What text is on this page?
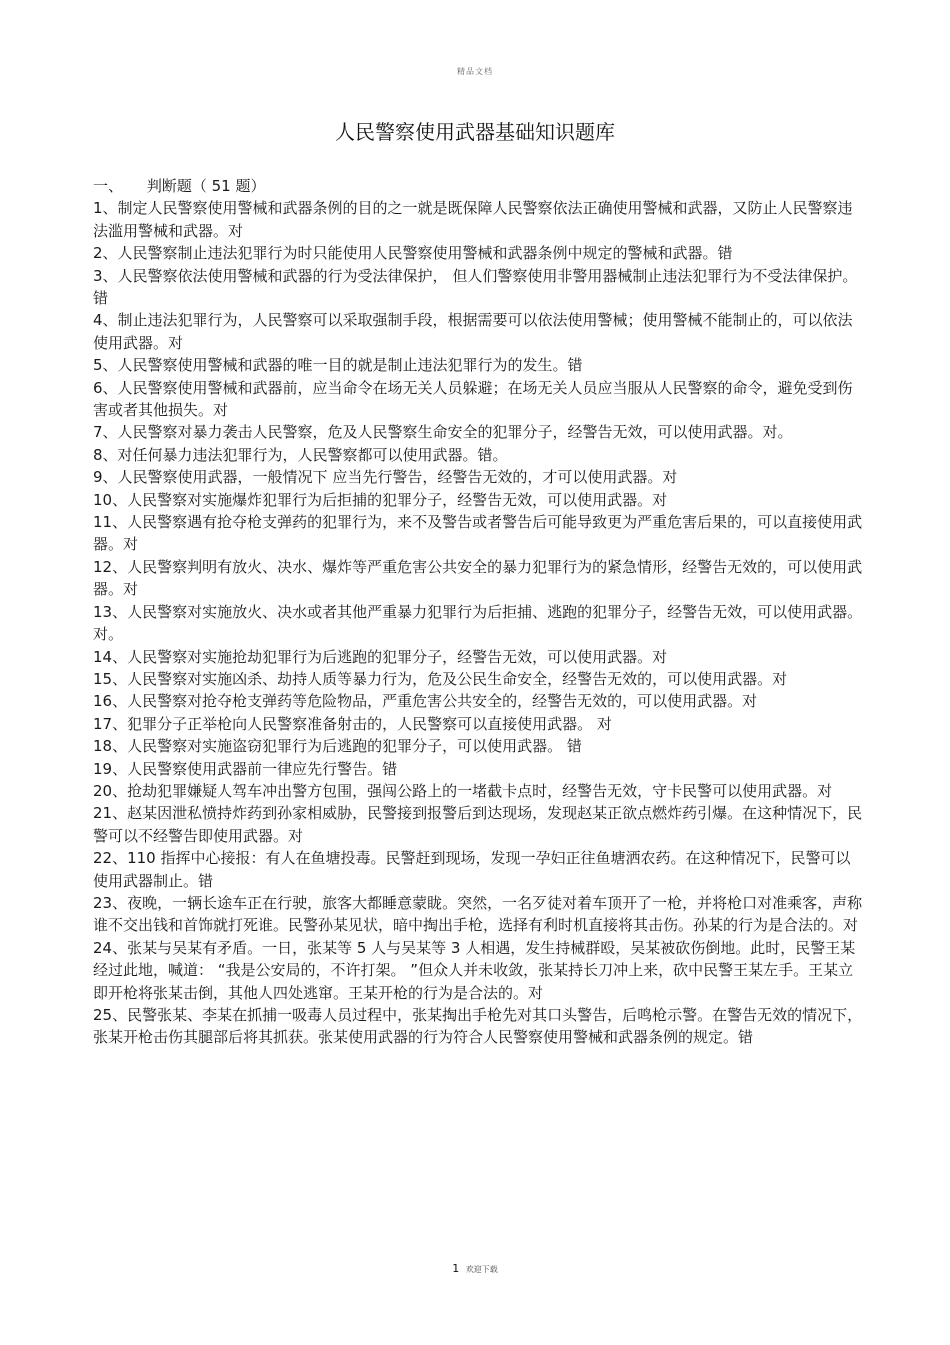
精品文档
人民警察使用武器基础知识题库
一、     判断题（ 51 题）
1、制定人民警察使用警械和武器条例的目的之一就是既保障人民警察依法正确使用警械和武器，又防止人民警察违法滥用警械和武器。对
2、人民警察制止违法犯罪行为时只能使用人民警察使用警械和武器条例中规定的警械和武器。错
3、人民警察依法使用警械和武器的行为受法律保护， 但人们警察使用非警用器械制止违法犯罪行为不受法律保护。错
4、制止违法犯罪行为，人民警察可以采取强制手段，根据需要可以依法使用警械；使用警械不能制止的，可以依法使用武器。对
5、人民警察使用警械和武器的唯一目的就是制止违法犯罪行为的发生。错
6、人民警察使用警械和武器前，应当命令在场无关人员躲避；在场无关人员应当服从人民警察的命令，避免受到伤害或者其他损失。对
7、人民警察对暴力袭击人民警察，危及人民警察生命安全的犯罪分子，经警告无效，可以使用武器。对。
8、对任何暴力违法犯罪行为，人民警察都可以使用武器。错。
9、人民警察使用武器，一般情况下 应当先行警告，经警告无效的，才可以使用武器。对
10、人民警察对实施爆炸犯罪行为后拒捕的犯罪分子，经警告无效，可以使用武器。对
11、人民警察遇有抢夺枪支弹药的犯罪行为，来不及警告或者警告后可能导致更为严重危害后果的，可以直接使用武器。对
12、人民警察判明有放火、决水、爆炸等严重危害公共安全的暴力犯罪行为的紧急情形，经警告无效的，可以使用武器。对
13、人民警察对实施放火、决水或者其他严重暴力犯罪行为后拒捕、逃跑的犯罪分子，经警告无效，可以使用武器。对。
14、人民警察对实施抢劫犯罪行为后逃跑的犯罪分子，经警告无效，可以使用武器。对
15、人民警察对实施凶杀、劫持人质等暴力行为，危及公民生命安全，经警告无效的，可以使用武器。对
16、人民警察对抢夺枪支弹药等危险物品，严重危害公共安全的，经警告无效的，可以使用武器。对
17、犯罪分子正举枪向人民警察准备射击的，人民警察可以直接使用武器。 对
18、人民警察对实施盗窃犯罪行为后逃跑的犯罪分子，可以使用武器。 错
19、人民警察使用武器前一律应先行警告。错
20、抢劫犯罪嫌疑人驾车冲出警方包围，强闯公路上的一堵截卡点时，经警告无效，守卡民警可以使用武器。对
21、赵某因泄私愤持炸药到孙家相威胁，民警接到报警后到达现场，发现赵某正欲点燃炸药引爆。在这种情况下，民警可以不经警告即使用武器。对
22、110 指挥中心接报：有人在鱼塘投毒。民警赶到现场，发现一孕妇正往鱼塘洒农药。在这种情况下，民警可以使用武器制止。错
23、夜晚，一辆长途车正在行驶，旅客大都睡意蒙眬。突然，一名歹徒对着车顶开了一枪，并将枪口对准乘客，声称谁不交出钱和首饰就打死谁。民警孙某见状，暗中掏出手枪，选择有利时机直接将其击伤。孙某的行为是合法的。对
24、张某与吴某有矛盾。一日，张某等 5 人与吴某等 3 人相遇，发生持械群殴，吴某被砍伤倒地。此时，民警王某经过此地，喊道： “我是公安局的，不许打架。 ”但众人并未收敛，张某持长刀冲上来，砍中民警王某左手。王某立即开枪将张某击倒，其他人四处逃窜。王某开枪的行为是合法的。对
25、民警张某、李某在抓捕一吸毒人员过程中，张某掏出手枪先对其口头警告，后鸣枪示警。在警告无效的情况下，张某开枪击伤其腿部后将其抓获。张某使用武器的行为符合人民警察使用警械和武器条例的规定。错
1 欢迎下载
